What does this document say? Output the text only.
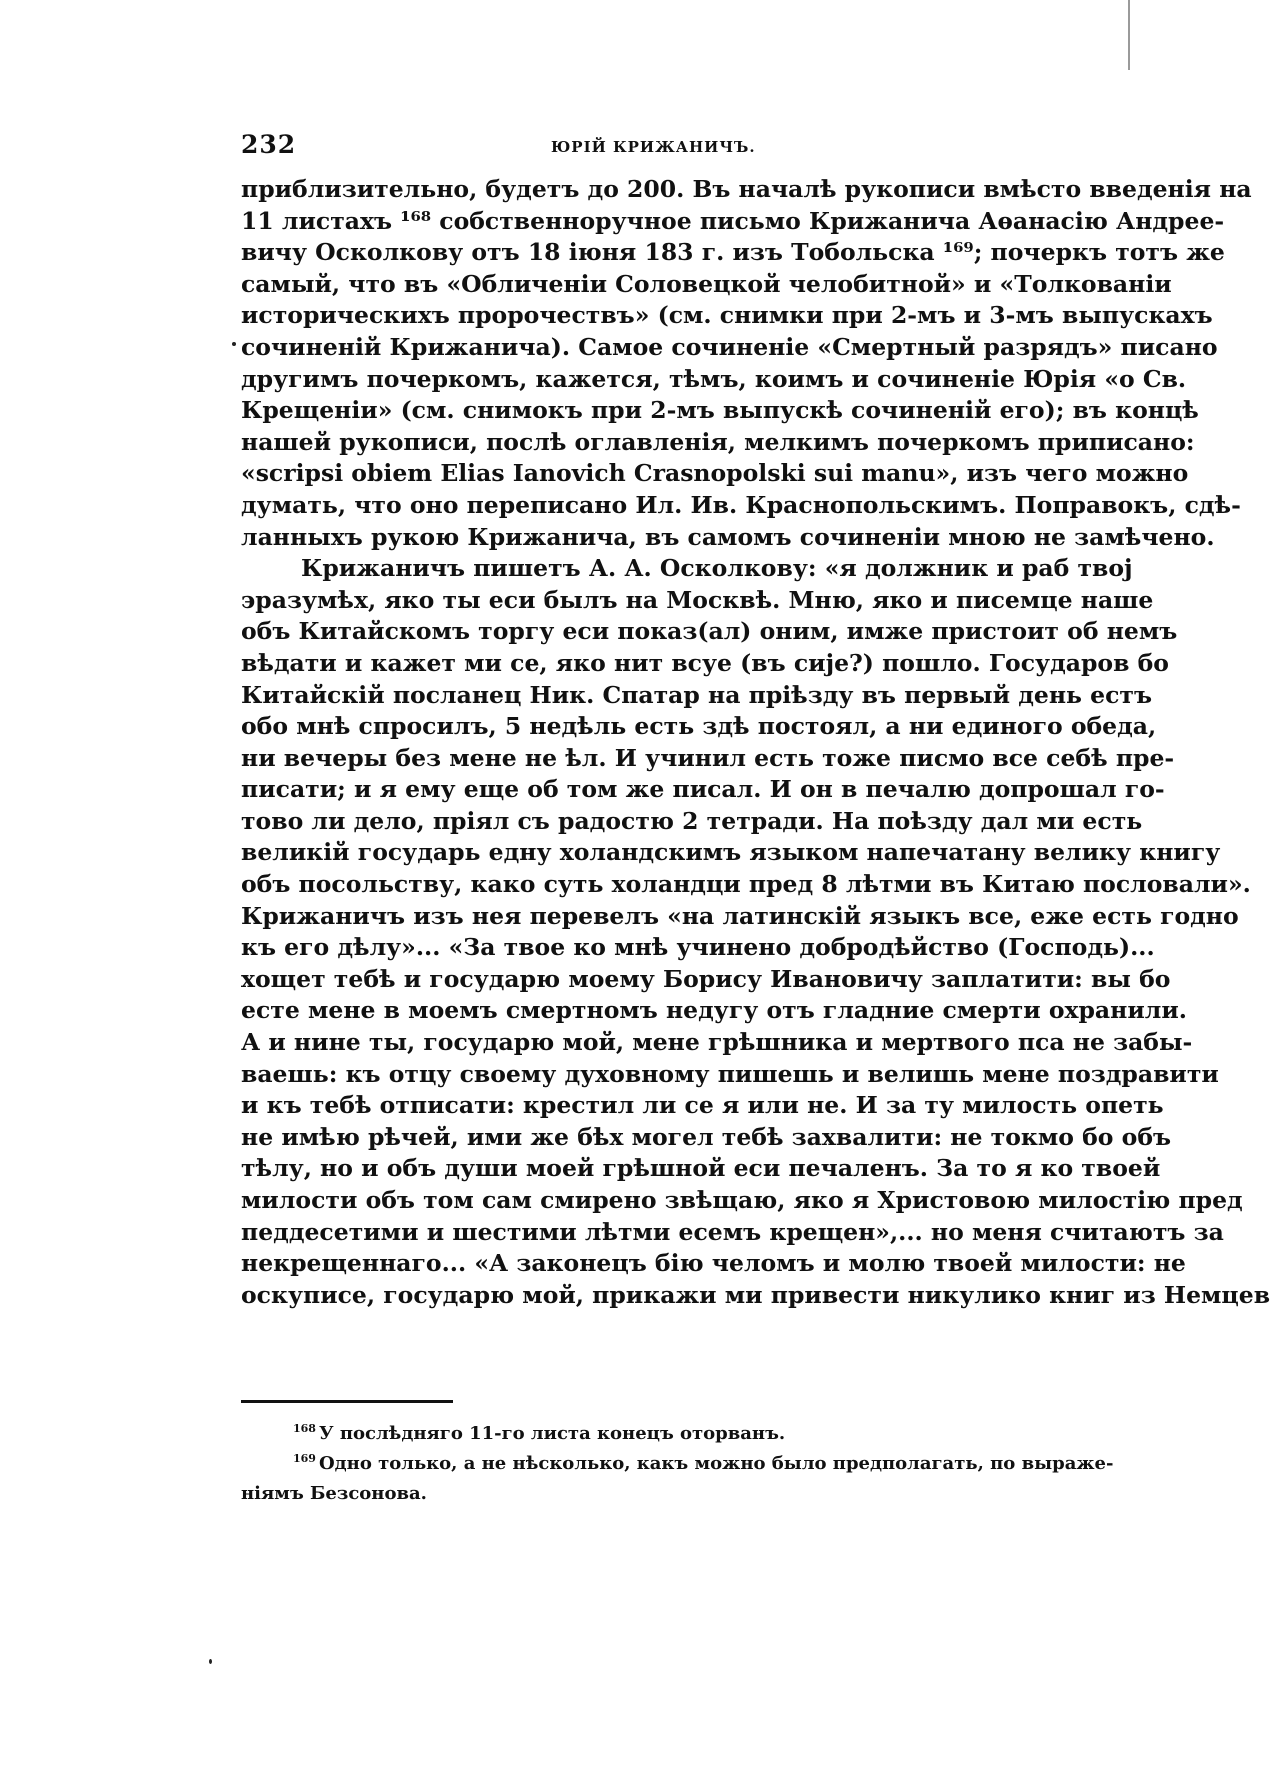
232	ЮРІЙ КРИЖАНИЧЪ.
приблизительно, будетъ до 200. Въ началѣ рукописи вмѣсто введенія на
11 листахъ ¹⁶⁸ собственноручное письмо Крижанича Аѳанасію Андрее-
вичу Осколкову отъ 18 іюня 183 г. изъ Тобольска ¹⁶⁹; почеркъ тотъ же
самый, что въ «Обличеніи Соловецкой челобитной» и «Толкованіи
историческихъ пророчествъ» (см. снимки при 2-мъ и 3-мъ выпускахъ
сочиненій Крижанича). Самое сочиненіе «Смертный разрядъ» писано
другимъ почеркомъ, кажется, тѣмъ, коимъ и сочиненіе Юрія «о Св.
Крещеніи» (см. снимокъ при 2-мъ выпускѣ сочиненій его); въ концѣ
нашей рукописи, послѣ оглавленія, мелкимъ почеркомъ приписано:
«scripsi obiem Elias Ianovich Crasnopolski sui manu», изъ чего можно
думать, что оно переписано Ил. Ив. Краснопольскимъ. Поправокъ, сдѣ-
ланныхъ рукою Крижанича, въ самомъ сочиненіи мною не замѣчено.
Крижаничъ пишетъ А. А. Осколкову: «я должник и раб твој
эразумѣх, яко ты еси былъ на Москвѣ. Мню, яко и писемце наше
объ Китайскомъ торгу еси показ(ал) оним, имже пристоит об немъ
вѣдати и кажет ми се, яко нит всуе (въ сије?) пошло. Государов бо
Китайскій посланец Ник. Спатар на пріѣзду въ первый день естъ
обо мнѣ спросилъ, 5 недѣль есть здѣ постоял, а ни единого обеда,
ни вечеры без мене не ѣл. И учинил есть тоже писмо все себѣ пре-
писати; и я ему еще об том же писал. И он в печалю допрошал го-
тово ли дело, пріял съ радостю 2 тетради. На поѣзду дал ми есть
великій государь едну холандскимъ языком напечатану велику книгу
объ посольству, како суть холандци пред 8 лѣтми въ Китаю пословали».
Крижаничъ изъ нея перевелъ «на латинскій языкъ все, еже есть годно
къ его дѣлу»... «За твое ко мнѣ учинено добродѣйство (Господь)...
хощет тебѣ и государю моему Борису Ивановичу заплатити: вы бо
есте мене в моемъ смертномъ недугу отъ гладние смерти охранили.
А и нине ты, государю мой, мене грѣшника и мертвого пса не забы-
ваешь: къ отцу своему духовному пишешь и велишь мене поздравити
и къ тебѣ отписати: крестил ли се я или не. И за ту милость опеть
не имѣю рѣчей, ими же бѣх могел тебѣ захвалити: не токмо бо объ
тѣлу, но и объ души моей грѣшной еси печаленъ. За то я ко твоей
милости объ том сам смирено звѣщаю, яко я Христовою милостію пред
педдесетими и шестими лѣтми есемъ крещен»,... но меня считаютъ за
некрещеннаго... «А законецъ бію челомъ и молю твоей милости: не
оскуписе, государю мой, прикажи ми привести никулико книг из Немцев
$^{168}$ У послѣдняго 11-го листа конецъ оторванъ.
$^{169}$ Одно только, а не нѣсколько, какъ можно было предполагать, по выраже-
ніямъ Безсонова.
